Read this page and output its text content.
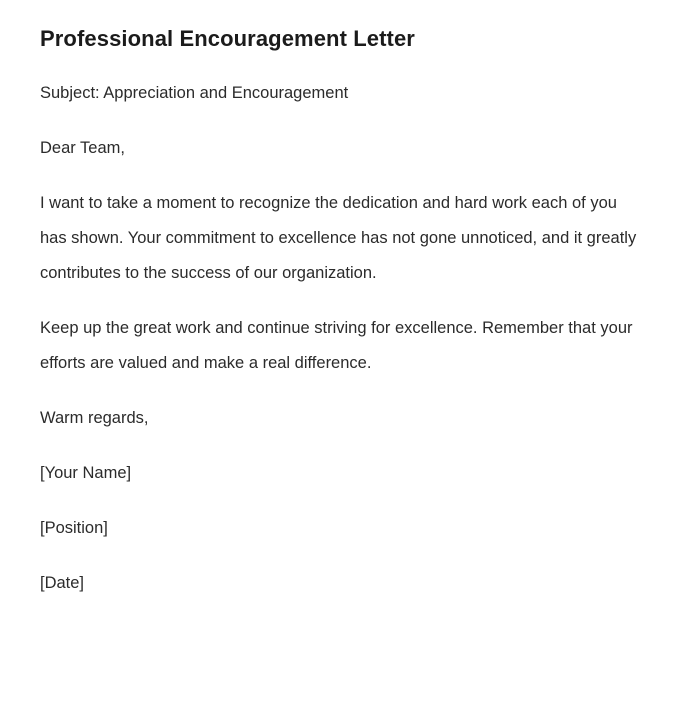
Professional Encouragement Letter

Subject: Appreciation and Encouragement

Dear Team,

I want to take a moment to recognize the dedication and hard work each of you has shown. Your commitment to excellence has not gone unnoticed, and it greatly contributes to the success of our organization.

Keep up the great work and continue striving for excellence. Remember that your efforts are valued and make a real difference.

Warm regards,

[Your Name]

[Position]

[Date]
